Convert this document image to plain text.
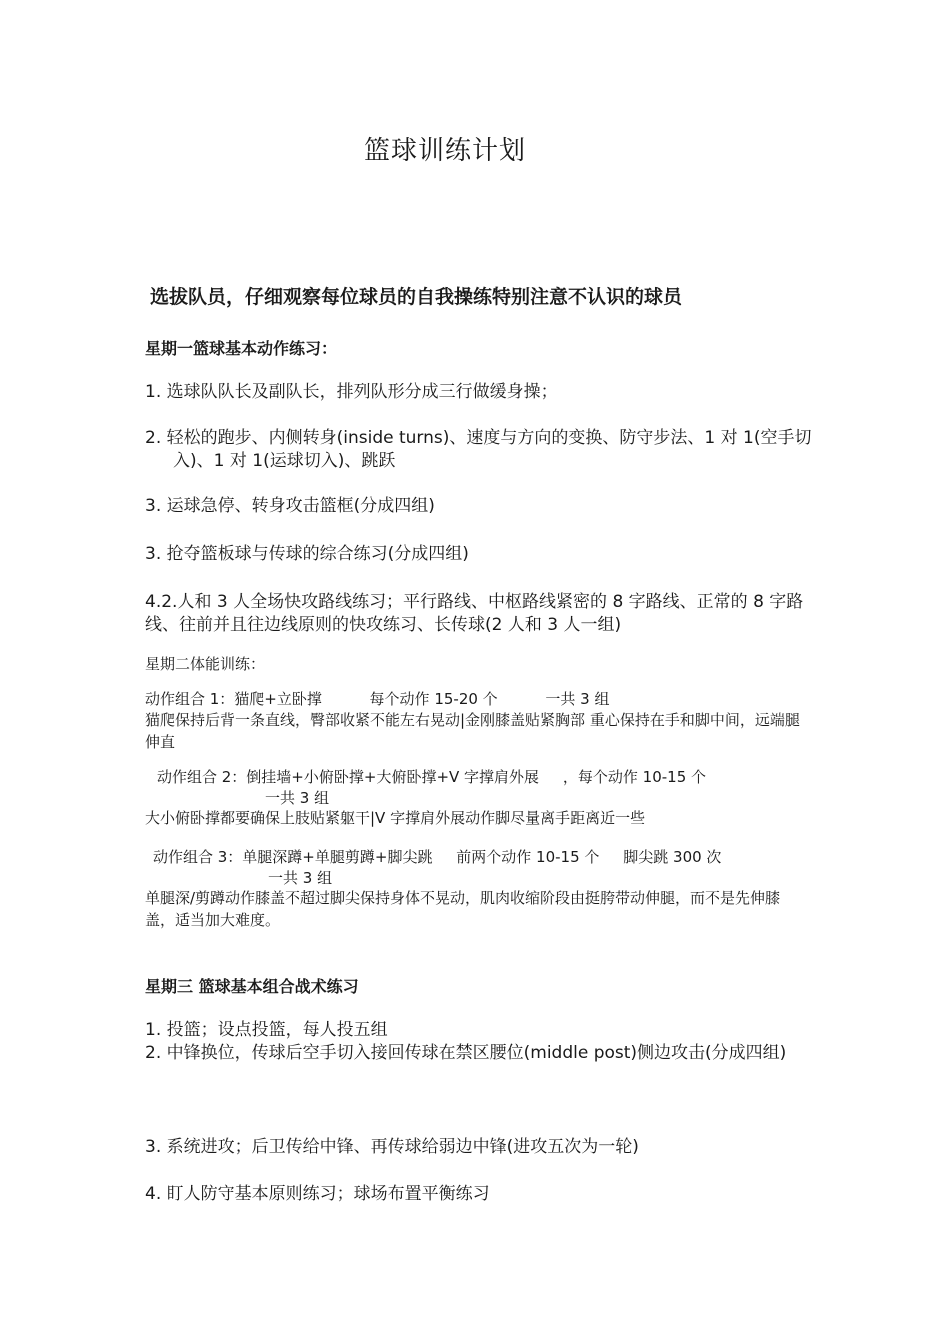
篮球训练计划
选拔队员，仔细观察每位球员的自我操练特别注意不认识的球员
星期一篮球基本动作练习：
1. 选球队队长及副队长，排列队形分成三行做缓身操；
2. 轻松的跑步、内侧转身(inside turns)、速度与方向的变换、防守步法、1 对 1(空手切入)、1 对 1(运球切入)、跳跃
3. 运球急停、转身攻击篮框(分成四组)
3. 抢夺篮板球与传球的综合练习(分成四组)
4.2.人和 3 人全场快攻路线练习；平行路线、中枢路线紧密的 8 字路线、正常的 8 字路线、往前并且往边线原则的快攻练习、长传球(2 人和 3 人一组)
星期二体能训练：
动作组合 1：猫爬+立卧撑          每个动作 15-20 个          一共 3 组
猫爬保持后背一条直线，臀部收紧不能左右晃动|金刚膝盖贴紧胸部 重心保持在手和脚中间，远端腿伸直
动作组合 2：倒挂墙+小俯卧撑+大俯卧撑+V 字撑肩外展     ，每个动作 10-15 个
一共 3 组
大小俯卧撑都要确保上肢贴紧躯干|V 字撑肩外展动作脚尽量离手距离近一些
动作组合 3：单腿深蹲+单腿剪蹲+脚尖跳     前两个动作 10-15 个     脚尖跳 300 次
一共 3 组
单腿深/剪蹲动作膝盖不超过脚尖保持身体不晃动，肌肉收缩阶段由挺胯带动伸腿，而不是先伸膝盖，适当加大难度。
星期三 篮球基本组合战术练习
1. 投篮；设点投篮，每人投五组
2. 中锋换位，传球后空手切入接回传球在禁区腰位(middle post)侧边攻击(分成四组)
3. 系统进攻；后卫传给中锋、再传球给弱边中锋(进攻五次为一轮)
4. 盯人防守基本原则练习；球场布置平衡练习
